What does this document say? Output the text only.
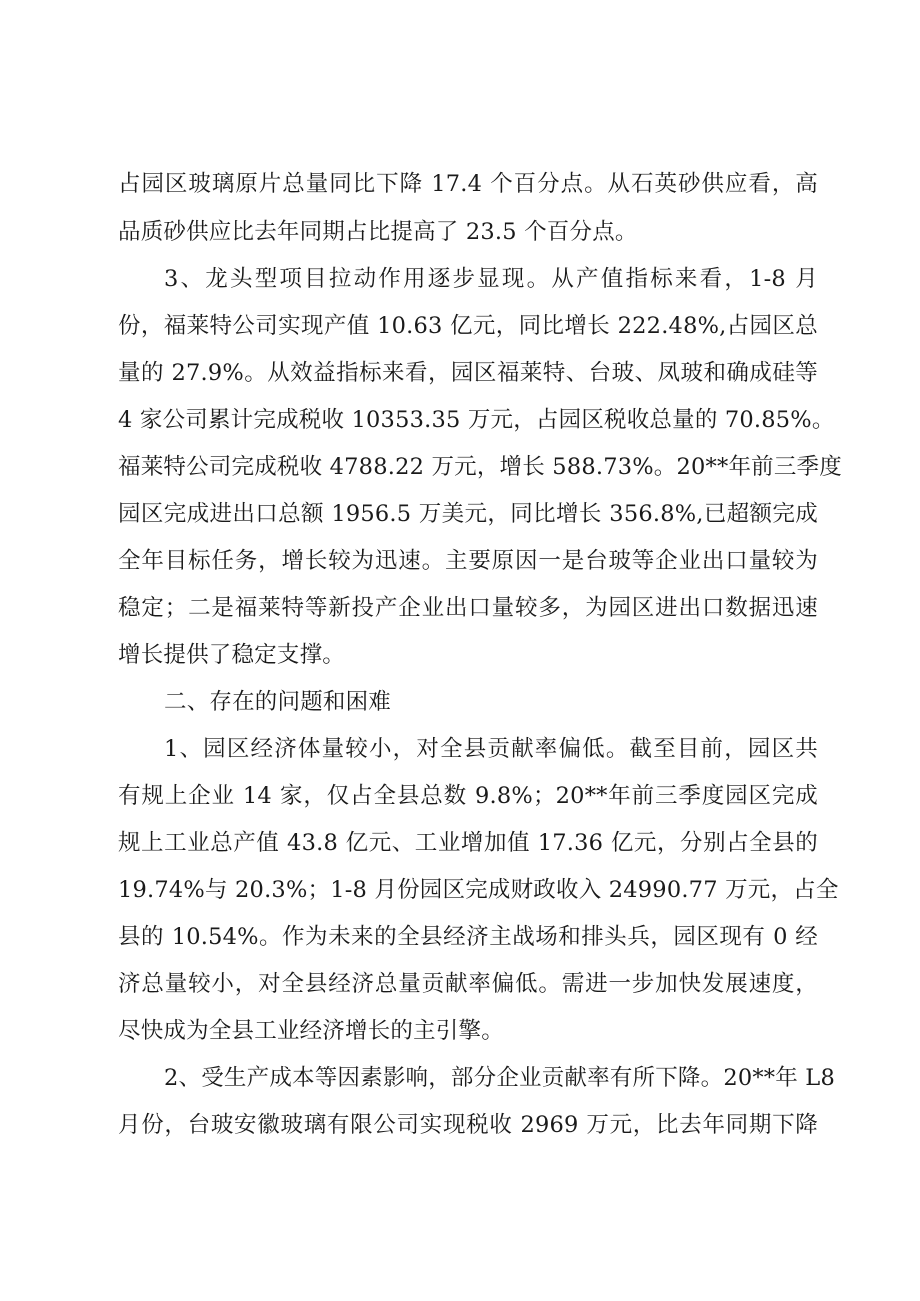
占园区玻璃原片总量同比下降 17.4 个百分点。从石英砂供应看，高
品质砂供应比去年同期占比提高了 23.5 个百分点。
3、龙头型项目拉动作用逐步显现。从产值指标来看，1-8 月
份，福莱特公司实现产值 10.63 亿元，同比增长 222.48%,占园区总
量的 27.9%。从效益指标来看，园区福莱特、台玻、凤玻和确成硅等
4 家公司累计完成税收 10353.35 万元，占园区税收总量的 70.85%。
福莱特公司完成税收 4788.22 万元，增长 588.73%。20**年前三季度
园区完成进出口总额 1956.5 万美元，同比增长 356.8%,已超额完成
全年目标任务，增长较为迅速。主要原因一是台玻等企业出口量较为
稳定；二是福莱特等新投产企业出口量较多，为园区进出口数据迅速
增长提供了稳定支撑。
二、存在的问题和困难
1、园区经济体量较小，对全县贡献率偏低。截至目前，园区共
有规上企业 14 家，仅占全县总数 9.8%；20**年前三季度园区完成
规上工业总产值 43.8 亿元、工业增加值 17.36 亿元，分别占全县的
19.74%与 20.3%；1-8 月份园区完成财政收入 24990.77 万元，占全
县的 10.54%。作为未来的全县经济主战场和排头兵，园区现有 0 经
济总量较小，对全县经济总量贡献率偏低。需进一步加快发展速度，
尽快成为全县工业经济增长的主引擎。
2、受生产成本等因素影响，部分企业贡献率有所下降。20**年 L8
月份，台玻安徽玻璃有限公司实现税收 2969 万元，比去年同期下降
